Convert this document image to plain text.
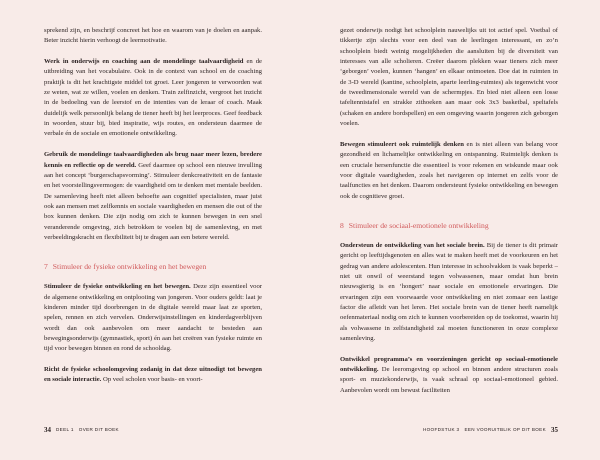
sprekend zijn, en beschrijf concreet het hoe en waarom van je doelen en aanpak. Beter inzicht hierin verhoogt de leermotivatie.

Werk in onderwijs en coaching aan de mondelinge taalvaardigheid en de uitbreiding van het vocabulaire. Ook in de context van school en de coaching praktijk is dit het krachtigste middel tot groei. Leer jongeren te verwoorden wat ze weten, wat ze willen, voelen en denken. Train zelfinzicht, vergroot het inzicht in de bedoeling van de leerstof en de intenties van de leraar of coach. Maak duidelijk welk persoonlijk belang de tiener heeft bij het leerproces. Geef feedback in woorden, stuur bij, bied inspiratie, wijs routes, en ondersteun daarmee de verbale én de sociale en emotionele ontwikkeling.

Gebruik de mondelinge taalvaardigheden als brug naar meer lezen, bredere kennis en reflectie op de wereld. Geef daarmee op school een nieuwe invulling aan het concept ‘burgerschapsvorming’. Stimuleer denkcreativiteit en de fantasie en het voorstellingsvermogen: de vaardigheid om te denken met mentale beelden. De samenleving heeft niet alleen behoefte aan cognitief specialisten, maar juist ook aan mensen met zelfkennis en sociale vaardigheden en mensen die out of the box kunnen denken. Die zijn nodig om zich te kunnen bewegen in een snel veranderende omgeving, zich betrokken te voelen bij de samenleving, en met verbeeldingskracht en flexibiliteit bij te dragen aan een betere wereld.

7 Stimuleer de fysieke ontwikkeling en het bewegen

Stimuleer de fysieke ontwikkeling en het bewegen. Deze zijn essentieel voor de algemene ontwikkeling en ontplooiing van jongeren. Voor ouders geldt: laat je kinderen minder tijd doorbrengen in de digitale wereld maar laat ze sporten, spelen, rennen en zich vervelen. Onderwijsinstellingen en kinderdagverblijven wordt dan ook aanbevolen om meer aandacht te besteden aan bewegingsonderwijs (gymnastiek, sport) én aan het creëren van fysieke ruimte en tijd voor bewegen binnen en rond de schooldag.

Richt de fysieke schoolomgeving zodanig in dat deze uitnodigt tot bewegen en sociale interactie. Op veel scholen voor basis- en voort-

34 DEEL 1 OVER DIT BOEK

gezet onderwijs nodigt het schoolplein nauwelijks uit tot actief spel. Voetbal of tikkertje zijn slechts voor een deel van de leerlingen interessant, en zo’n schoolplein biedt weinig mogelijkheden die aansluiten bij de diversiteit van interesses van alle scholieren. Creëer daarom plekken waar tieners zich meer ‘geborgen’ voelen, kunnen ‘hangen’ en elkaar ontmoeten. Doe dat in ruimten in de 3-D wereld (kantine, schoolplein, aparte leerling-ruimtes) als tegenwicht voor de tweedimensionale wereld van de schermpjes. En bied niet alleen een losse tafeltennistafel en strakke zithoeken aan maar ook 3x3 basketbal, speltafels (schaken en andere bordspellen) en een omgeving waarin jongeren zich geborgen voelen.

Bewegen stimuleert ook ruimtelijk denken en is niet alleen van belang voor gezondheid en lichamelijke ontwikkeling en ontspanning. Ruimtelijk denken is een cruciale hersenfunctie die essentieel is voor rekenen en wiskunde maar ook voor digitale vaardigheden, zoals het navigeren op internet en zelfs voor de taalfuncties en het denken. Daarom ondersteunt fysieke ontwikkeling en bewegen ook de cognitieve groei.

8 Stimuleer de sociaal-emotionele ontwikkeling

Ondersteun de ontwikkeling van het sociale brein. Bij de tiener is dit primair gericht op leeftijdsgenoten en alles wat te maken heeft met de voorkeuren en het gedrag van andere adolescenten. Hun interesse in schoolvakken is vaak beperkt – niet uit onwil of weerstand tegen volwassenen, maar omdat hun brein nieuwsgierig is en ‘hongert’ naar sociale en emotionele ervaringen. Die ervaringen zijn een voorwaarde voor ontwikkeling en niet zomaar een lastige factor die afleidt van het leren. Het sociale brein van de tiener heeft namelijk oefenmateriaal nodig om zich te kunnen voorbereiden op de toekomst, waarin hij als volwassene in zelfstandigheid zal moeten functioneren in onze complexe samenleving.

Ontwikkel programma’s en voorzieningen gericht op sociaal-emotionele ontwikkeling. De leeromgeving op school en binnen andere structuren zoals sport- en muziekonderwijs, is vaak schraal op sociaal-emotioneel gebied. Aanbevolen wordt om bewust faciliteiten

HOOFDSTUK 3 EEN VOORUITBLIK OP DIT BOEK 35
